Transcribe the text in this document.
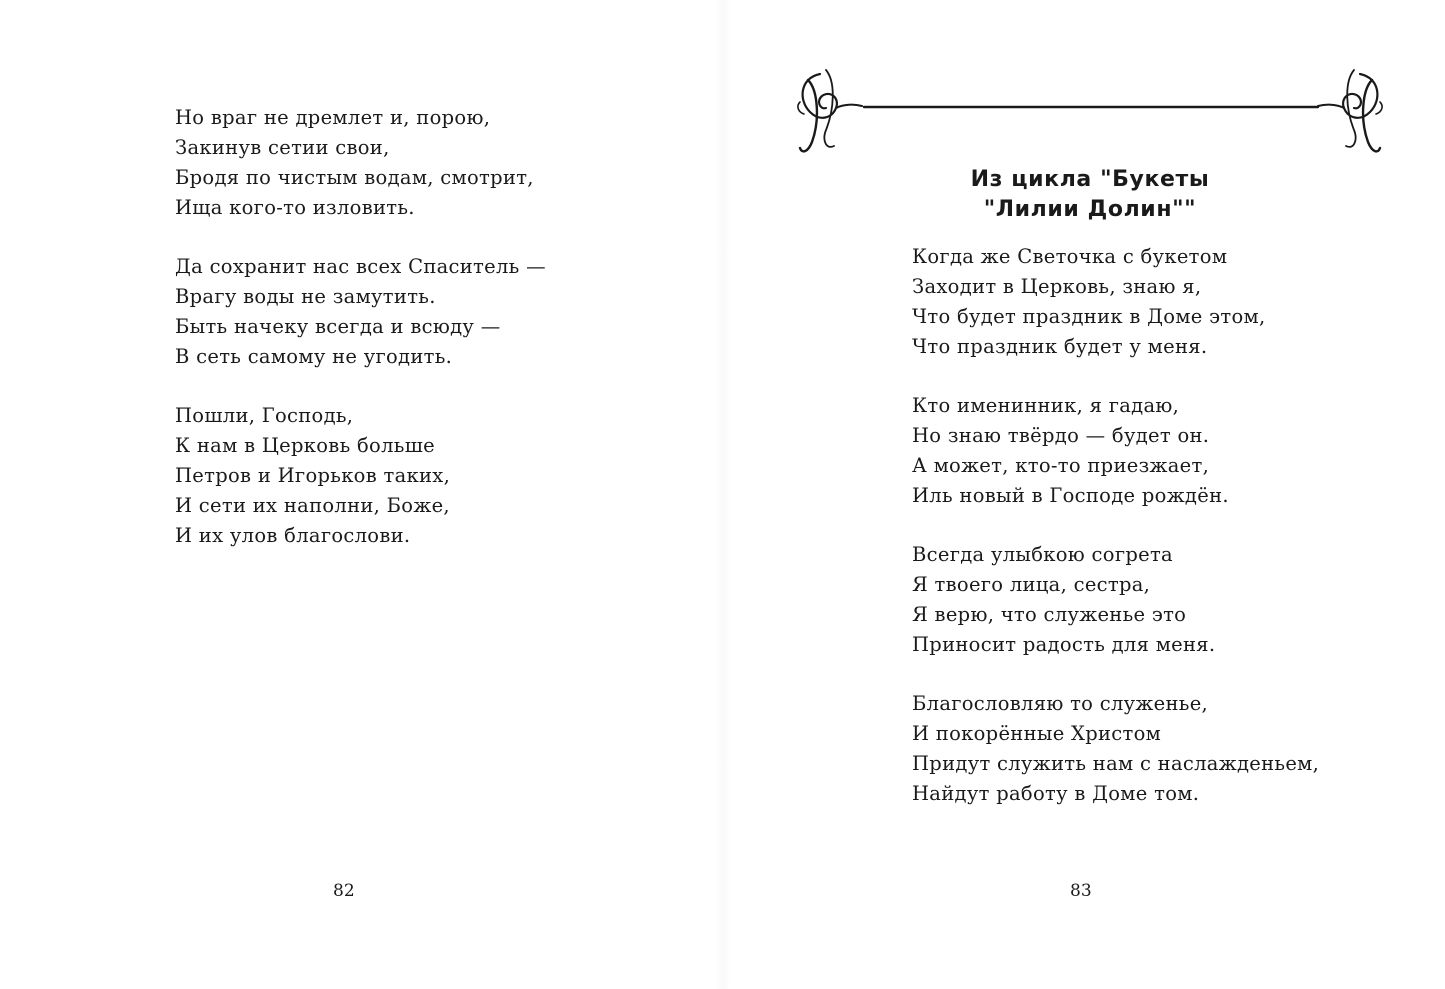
Но враг не дремлет и, порою,
Закинув сетии свои,
Бродя по чистым водам, смотрит,
Ища кого-то изловить.
Да сохранит нас всех Спаситель —
Врагу воды не замутить.
Быть начеку всегда и всюду —
В сеть самому не угодить.
Пошли, Господь,
К нам в Церковь больше
Петров и Игорьков таких,
И сети их наполни, Боже,
И их улов благослови.
82
Из цикла "Букеты
"Лилии Долин""
Когда же Светочка с букетом
Заходит в Церковь, знаю я,
Что будет праздник в Доме этом,
Что праздник будет у меня.
Кто именинник, я гадаю,
Но знаю твёрдо — будет он.
А может, кто-то приезжает,
Иль новый в Господе рождён.
Всегда улыбкою согрета
Я твоего лица, сестра,
Я верю, что служенье это
Приносит радость для меня.
Благословляю то служенье,
И покорённые Христом
Придут служить нам с наслажденьем,
Найдут работу в Доме том.
83
